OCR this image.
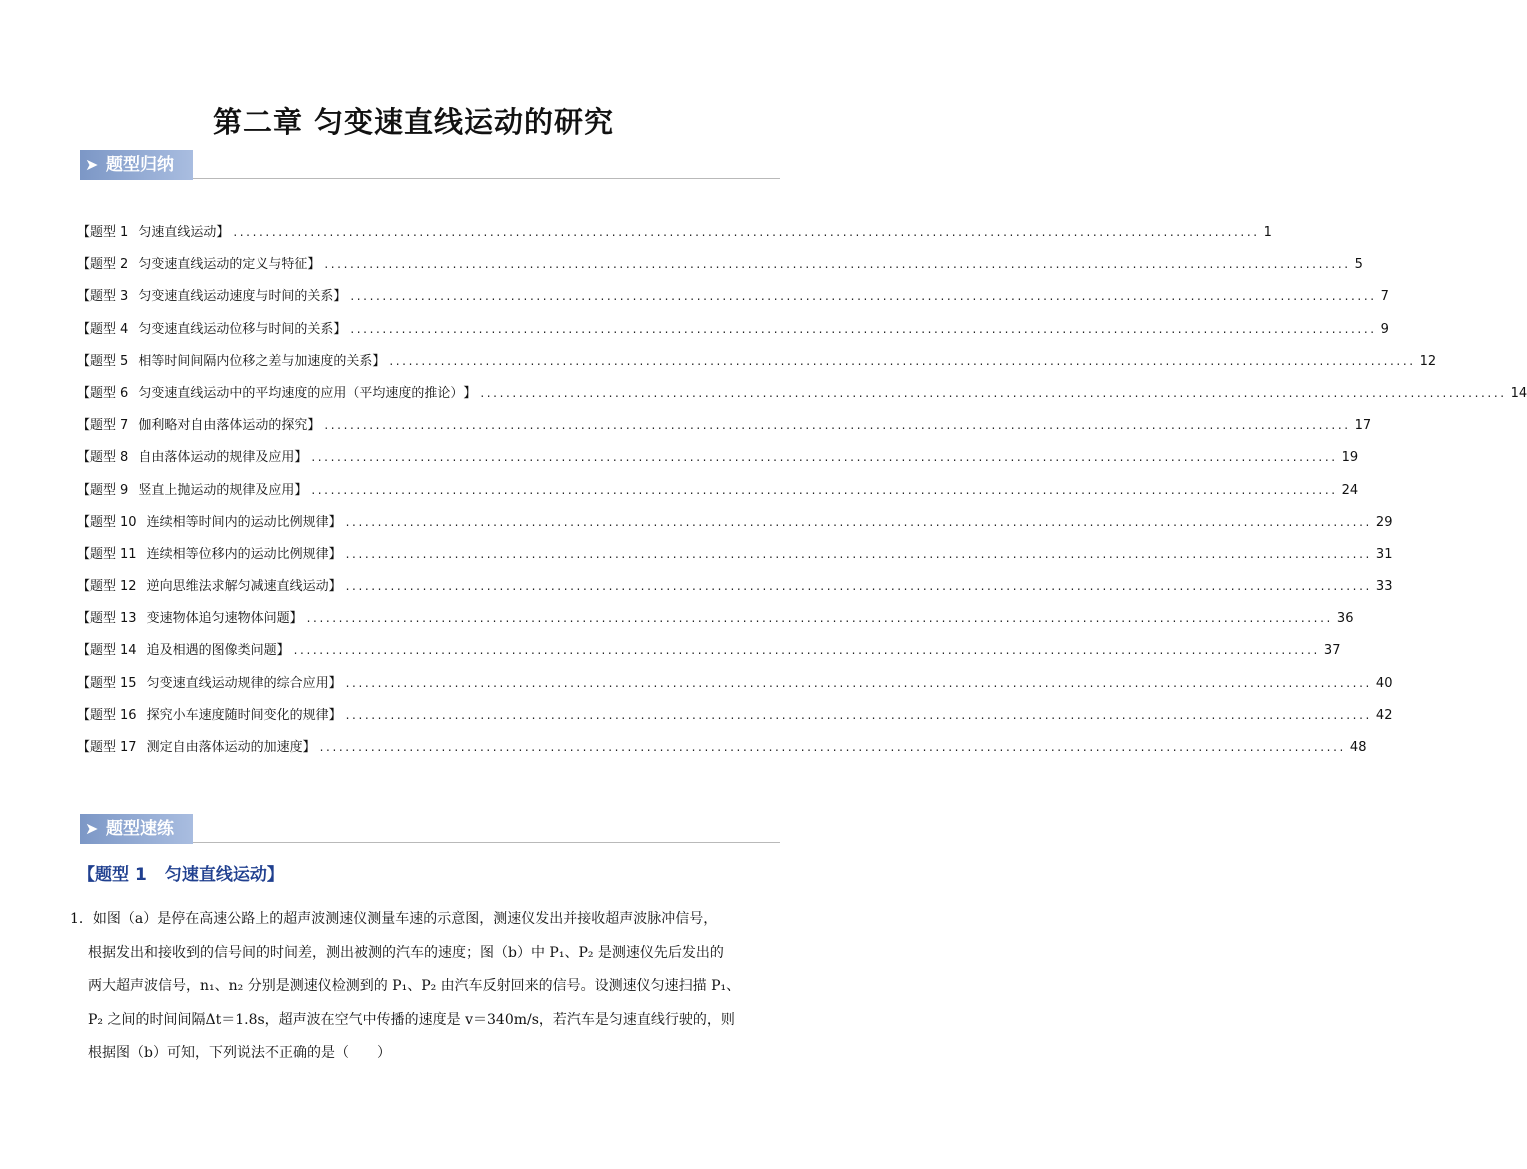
第二章 匀变速直线运动的研究
➤ 题型归纳
【 题型 1 匀速直线运动 】 ................................................................................................................................................................ 1
【 题型 2 匀变速直线运动的定义与特征 】 ................................................................................................................................................................ 5
【 题型 3 匀变速直线运动速度与时间的关系 】 ................................................................................................................................................................ 7
【 题型 4 匀变速直线运动位移与时间的关系 】 ................................................................................................................................................................ 9
【 题型 5 相等时间间隔内位移之差与加速度的关系 】 ................................................................................................................................................................ 12
【 题型 6 匀变速直线运动中的平均速度的应用（平均速度的推论） 】 ................................................................................................................................................................ 14
【 题型 7 伽利略对自由落体运动的探究 】 ................................................................................................................................................................ 17
【 题型 8 自由落体运动的规律及应用 】 ................................................................................................................................................................ 19
【 题型 9 竖直上抛运动的规律及应用 】 ................................................................................................................................................................ 24
【 题型 10 连续相等时间内的运动比例规律 】 ................................................................................................................................................................ 29
【 题型 11 连续相等位移内的运动比例规律 】 ................................................................................................................................................................ 31
【 题型 12 逆向思维法求解匀减速直线运动 】 ................................................................................................................................................................ 33
【 题型 13 变速物体追匀速物体问题 】 ................................................................................................................................................................ 36
【 题型 14 追及相遇的图像类问题 】 ................................................................................................................................................................ 37
【 题型 15 匀变速直线运动规律的综合应用 】 ................................................................................................................................................................ 40
【 题型 16 探究小车速度随时间变化的规律 】 ................................................................................................................................................................ 42
【 题型 17 测定自由落体运动的加速度 】 ................................................................................................................................................................ 48
➤ 题型速练
【题型 1 匀速直线运动】
1．如图（a）是停在高速公路上的超声波测速仪测量车速的示意图，测速仪发出并接收超声波脉冲信号，
根据发出和接收到的信号间的时间差，测出被测的汽车的速度；图（b）中 P₁、P₂ 是测速仪先后发出的
两大超声波信号，n₁、n₂ 分别是测速仪检测到的 P₁、P₂ 由汽车反射回来的信号。设测速仪匀速扫描 P₁、
P₂ 之间的时间间隔Δt＝1.8s，超声波在空气中传播的速度是 v＝340m/s，若汽车是匀速直线行驶的，则
根据图（b）可知，下列说法不正确的是（　　）
